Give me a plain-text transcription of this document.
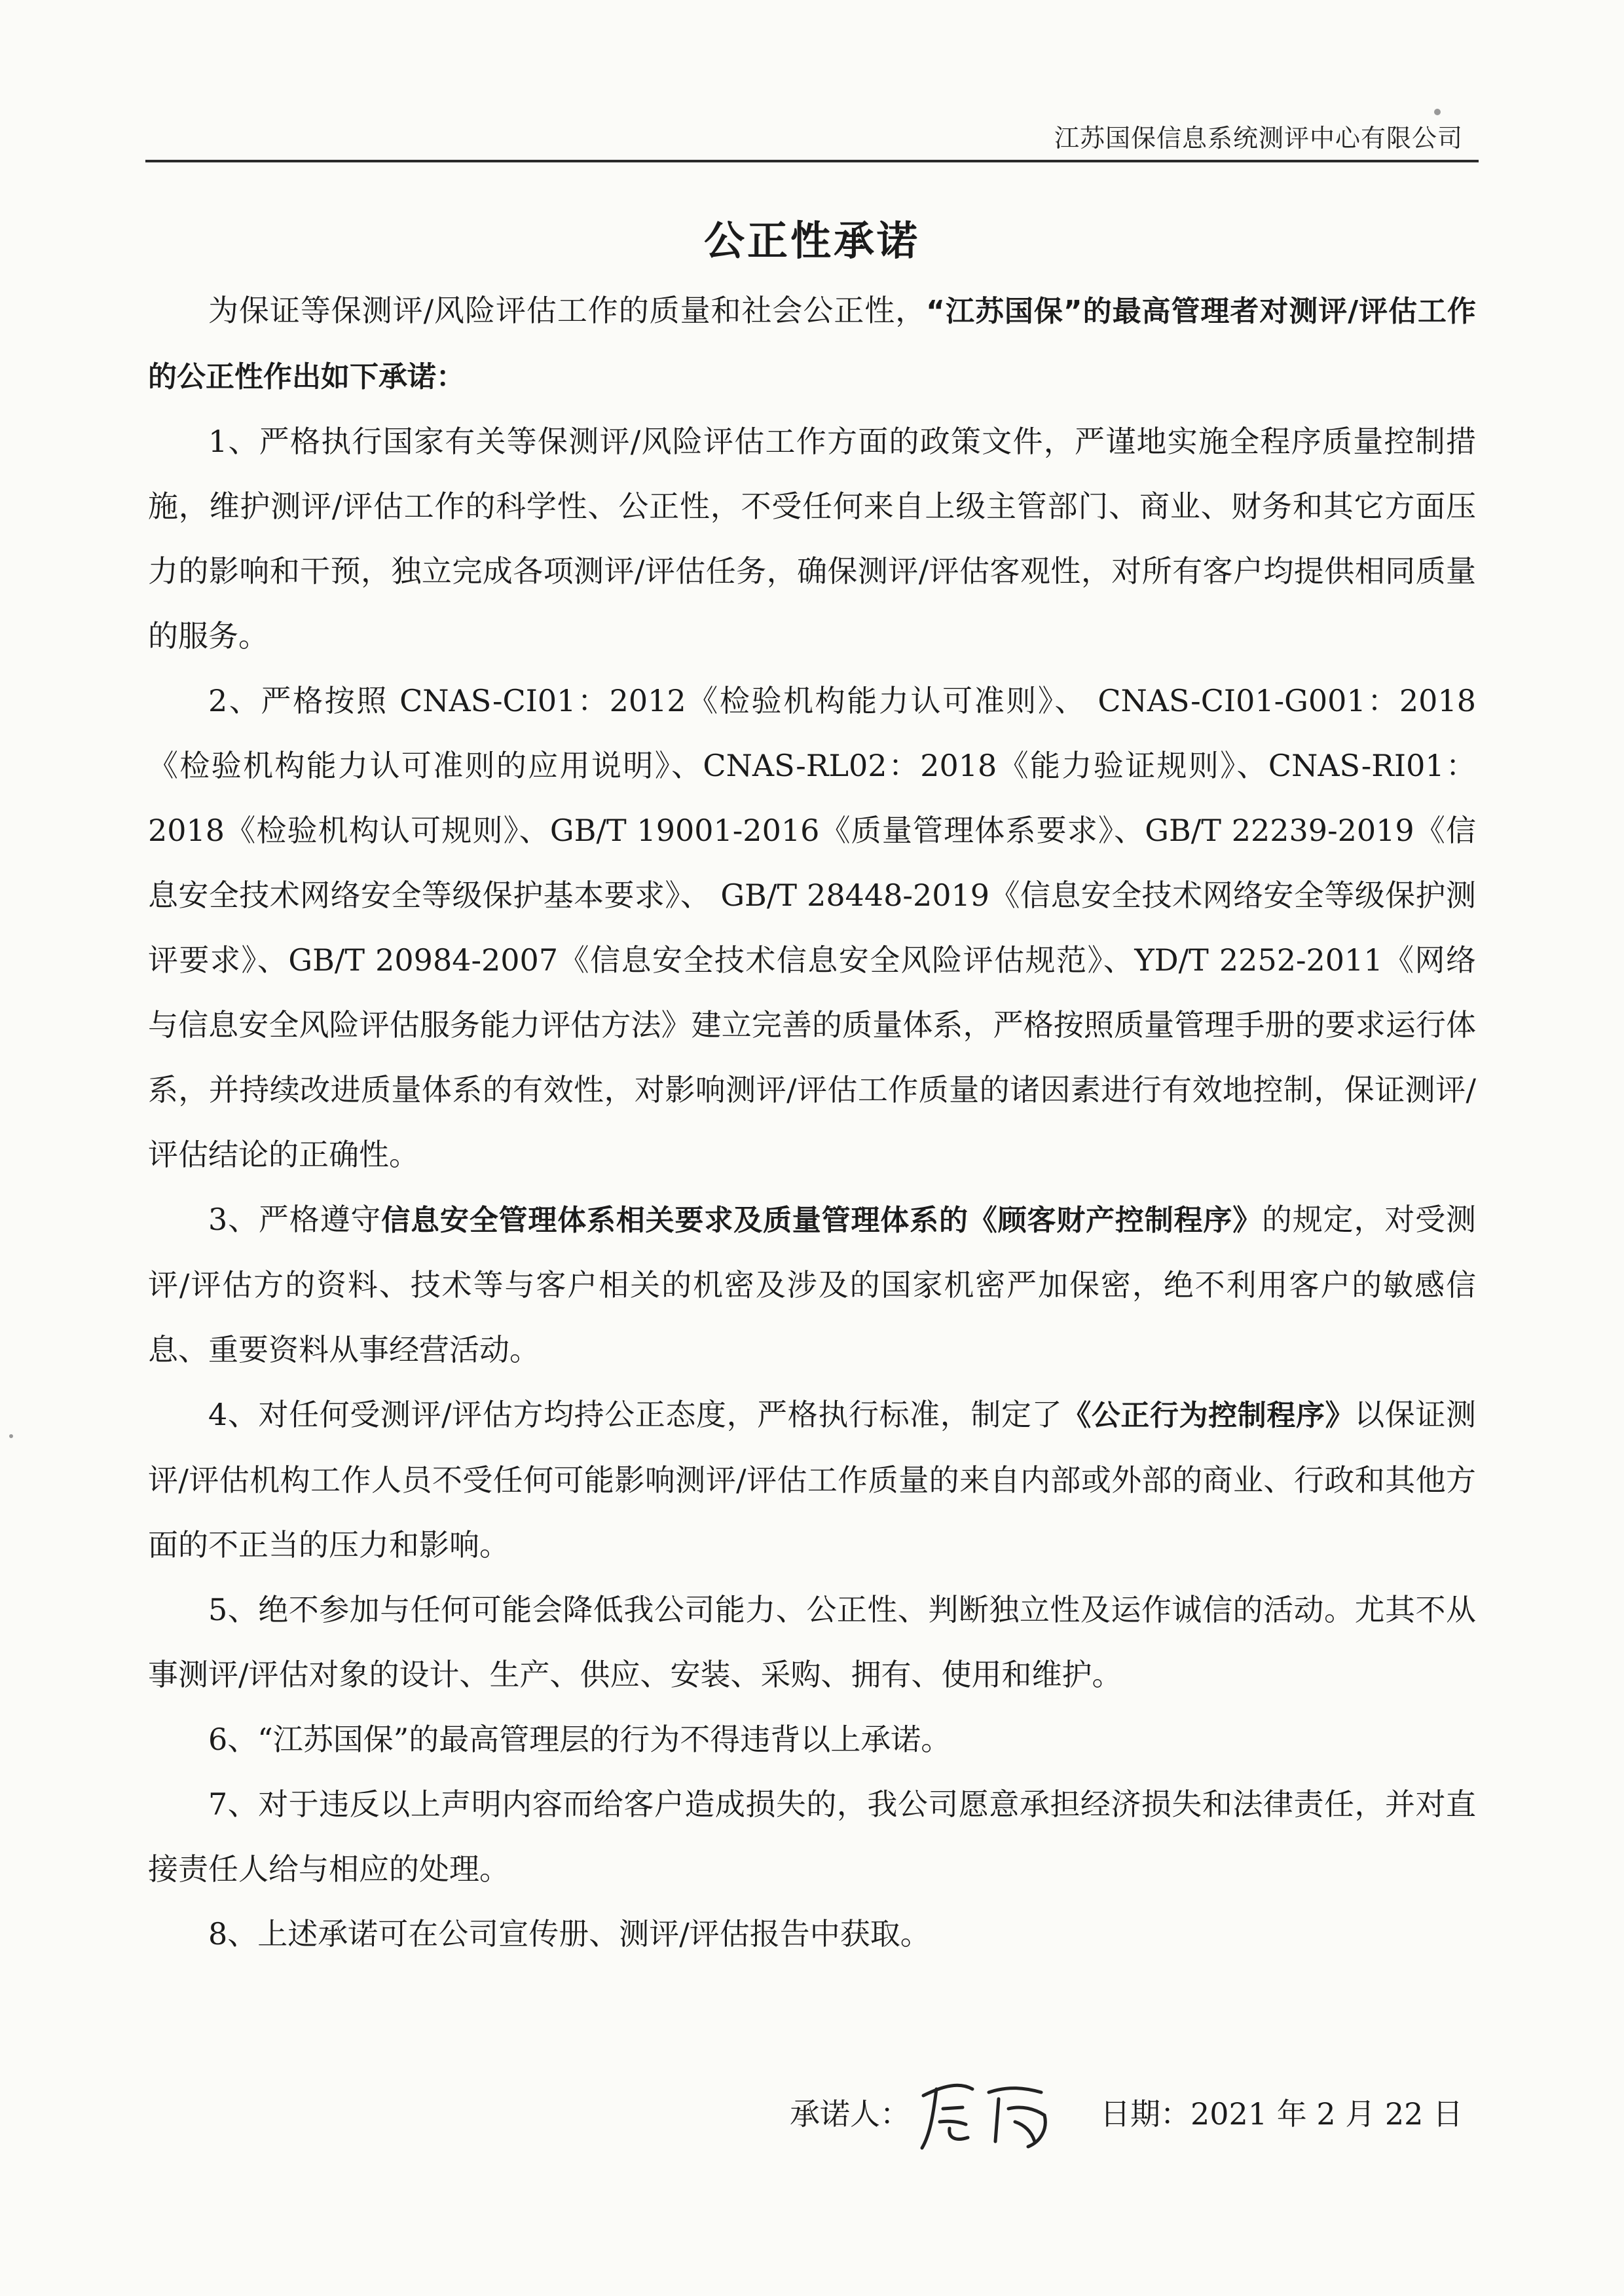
江苏国保信息系统测评中心有限公司
公正性承诺

为保证等保测评/风险评估工作的质量和社会公正性，“江苏国保”的最高管理者对测评/评估工作的公正性作出如下承诺：

1、严格执行国家有关等保测评/风险评估工作方面的政策文件，严谨地实施全程序质量控制措施，维护测评/评估工作的科学性、公正性，不受任何来自上级主管部门、商业、财务和其它方面压力的影响和干预，独立完成各项测评/评估任务，确保测评/评估客观性，对所有客户均提供相同质量的服务。

2、严格按照 CNAS-CI01：2012《检验机构能力认可准则》、 CNAS-CI01-G001：2018《检验机构能力认可准则的应用说明》、CNAS-RL02：2018《能力验证规则》、CNAS-RI01：2018《检验机构认可规则》、GB/T 19001-2016《质量管理体系要求》、GB/T 22239-2019《信息安全技术网络安全等级保护基本要求》、 GB/T 28448-2019《信息安全技术网络安全等级保护测评要求》、GB/T 20984-2007《信息安全技术信息安全风险评估规范》、YD/T 2252-2011《网络与信息安全风险评估服务能力评估方法》建立完善的质量体系，严格按照质量管理手册的要求运行体系，并持续改进质量体系的有效性，对影响测评/评估工作质量的诸因素进行有效地控制，保证测评/评估结论的正确性。

3、严格遵守信息安全管理体系相关要求及质量管理体系的《顾客财产控制程序》的规定，对受测评/评估方的资料、技术等与客户相关的机密及涉及的国家机密严加保密，绝不利用客户的敏感信息、重要资料从事经营活动。

4、对任何受测评/评估方均持公正态度，严格执行标准，制定了《公正行为控制程序》以保证测评/评估机构工作人员不受任何可能影响测评/评估工作质量的来自内部或外部的商业、行政和其他方面的不正当的压力和影响。

5、绝不参加与任何可能会降低我公司能力、公正性、判断独立性及运作诚信的活动。尤其不从事测评/评估对象的设计、生产、供应、安装、采购、拥有、使用和维护。

6、“江苏国保”的最高管理层的行为不得违背以上承诺。

7、对于违反以上声明内容而给客户造成损失的，我公司愿意承担经济损失和法律责任，并对直接责任人给与相应的处理。

8、上述承诺可在公司宣传册、测评/评估报告中获取。

承诺人：	日期：2021 年 2 月 22 日
